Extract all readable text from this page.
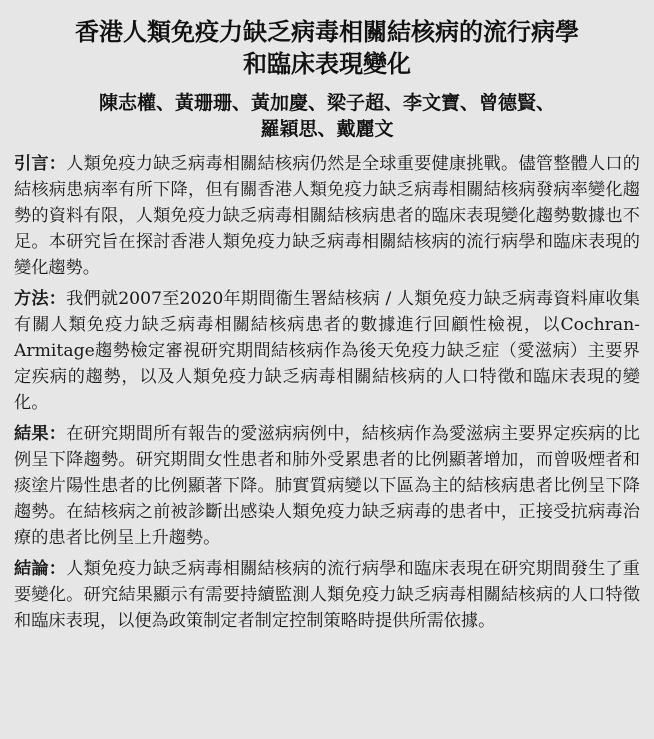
香港人類免疫力缺乏病毒相關結核病的流行病學
和臨床表現變化
陳志權、黃珊珊、黃加慶、梁子超、李文寶、曾德賢、
羅穎思、戴麗文

引言：人類免疫力缺乏病毒相關結核病仍然是全球重要健康挑戰。儘管整體人口的結核病患病率有所下降，但有關香港人類免疫力缺乏病毒相關結核病發病率變化趨勢的資料有限，人類免疫力缺乏病毒相關結核病患者的臨床表現變化趨勢數據也不足。本研究旨在探討香港人類免疫力缺乏病毒相關結核病的流行病學和臨床表現的變化趨勢。

方法：我們就2007至2020年期間衞生署結核病 / 人類免疫力缺乏病毒資料庫收集有關人類免疫力缺乏病毒相關結核病患者的數據進行回顧性檢視，以Cochran-Armitage趨勢檢定審視研究期間結核病作為後天免疫力缺乏症（愛滋病）主要界定疾病的趨勢，以及人類免疫力缺乏病毒相關結核病的人口特徵和臨床表現的變化。

結果：在研究期間所有報告的愛滋病病例中，結核病作為愛滋病主要界定疾病的比例呈下降趨勢。研究期間女性患者和肺外受累患者的比例顯著增加，而曾吸煙者和痰塗片陽性患者的比例顯著下降。肺實質病變以下區為主的結核病患者比例呈下降趨勢。在結核病之前被診斷出感染人類免疫力缺乏病毒的患者中，正接受抗病毒治療的患者比例呈上升趨勢。

結論：人類免疫力缺乏病毒相關結核病的流行病學和臨床表現在研究期間發生了重要變化。研究結果顯示有需要持續監測人類免疫力缺乏病毒相關結核病的人口特徵和臨床表現，以便為政策制定者制定控制策略時提供所需依據。
